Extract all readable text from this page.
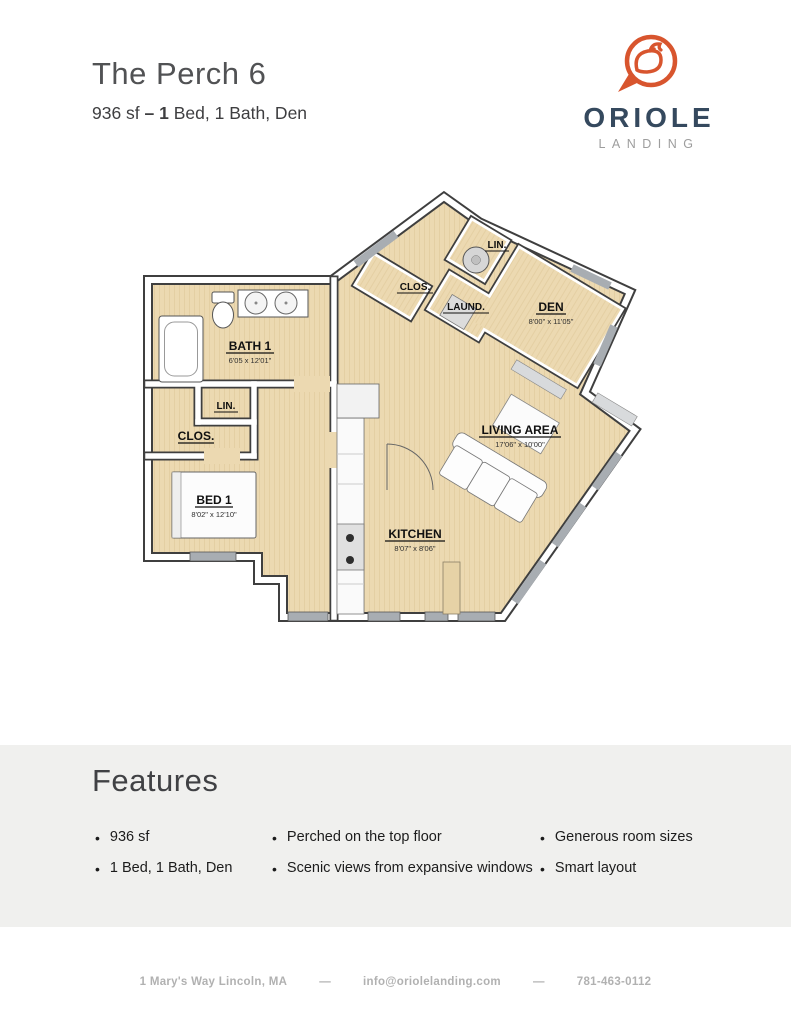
The Perch 6
936 sf – 1 Bed, 1 Bath, Den	ORIOLE
LANDING
BATH 1
6'05 x 12'01"
LIN.
CLOS.
BED 1
8'02" x 12'10"
KITCHEN
8'07" x 8'06"
LIVING AREA
17'06" x 10'00"
DEN
8'00" x 11'05"
CLOS.
LAUND.
LIN.
Features
• 936 sf
• 1 Bed, 1 Bath, Den
• Perched on the top floor
• Scenic views from expansive windows
• Generous room sizes
• Smart layout
1 Mary's Way Lincoln, MA	—	info@oriolelanding.com	—	781-463-0112
